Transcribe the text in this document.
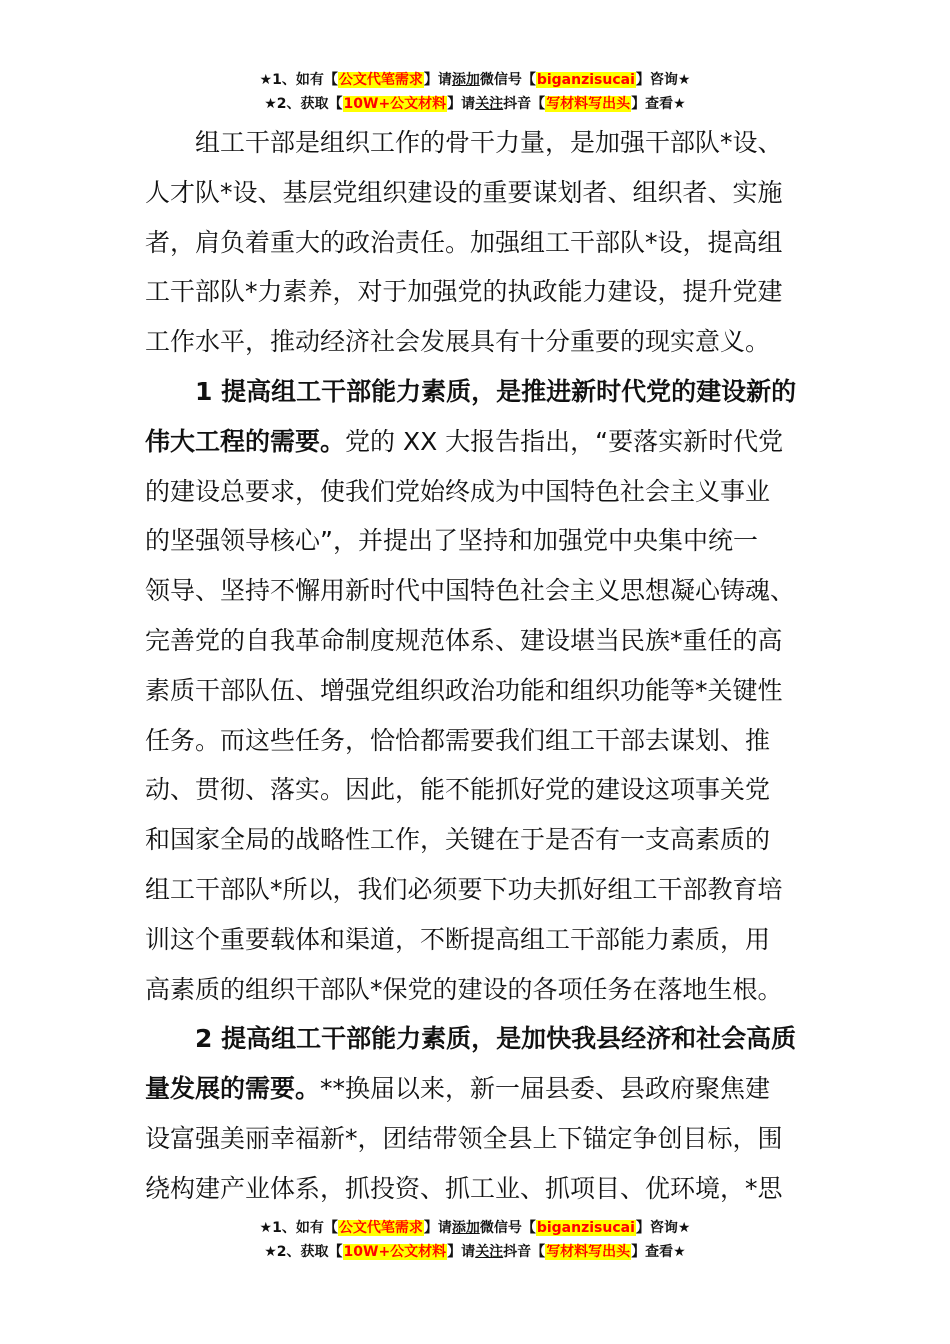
★1、如有【公文代笔需求】请添加微信号【biganzisucai】咨询★
★2、获取【10W+公文材料】请关注抖音【写材料写出头】查看★
组工干部是组织工作的骨干力量，是加强干部队*设、
人才队*设、基层党组织建设的重要谋划者、组织者、实施
者，肩负着重大的政治责任。加强组工干部队*设，提高组
工干部队*力素养，对于加强党的执政能力建设，提升党建
工作水平，推动经济社会发展具有十分重要的现实意义。
1 提高组工干部能力素质，是推进新时代党的建设新的
伟大工程的需要。党的 XX 大报告指出，“要落实新时代党
的建设总要求，使我们党始终成为中国特色社会主义事业
的坚强领导核心”，并提出了坚持和加强党中央集中统一
领导、坚持不懈用新时代中国特色社会主义思想凝心铸魂、
完善党的自我革命制度规范体系、建设堪当民族*重任的高
素质干部队伍、增强党组织政治功能和组织功能等*关键性
任务。而这些任务，恰恰都需要我们组工干部去谋划、推
动、贯彻、落实。因此，能不能抓好党的建设这项事关党
和国家全局的战略性工作，关键在于是否有一支高素质的
组工干部队*所以，我们必须要下功夫抓好组工干部教育培
训这个重要载体和渠道，不断提高组工干部能力素质，用
高素质的组织干部队*保党的建设的各项任务在落地生根。
2 提高组工干部能力素质，是加快我县经济和社会高质
量发展的需要。**换届以来，新一届县委、县政府聚焦建
设富强美丽幸福新*，团结带领全县上下锚定争创目标，围
绕构建产业体系，抓投资、抓工业、抓项目、优环境，*思
★1、如有【公文代笔需求】请添加微信号【biganzisucai】咨询★
★2、获取【10W+公文材料】请关注抖音【写材料写出头】查看★
